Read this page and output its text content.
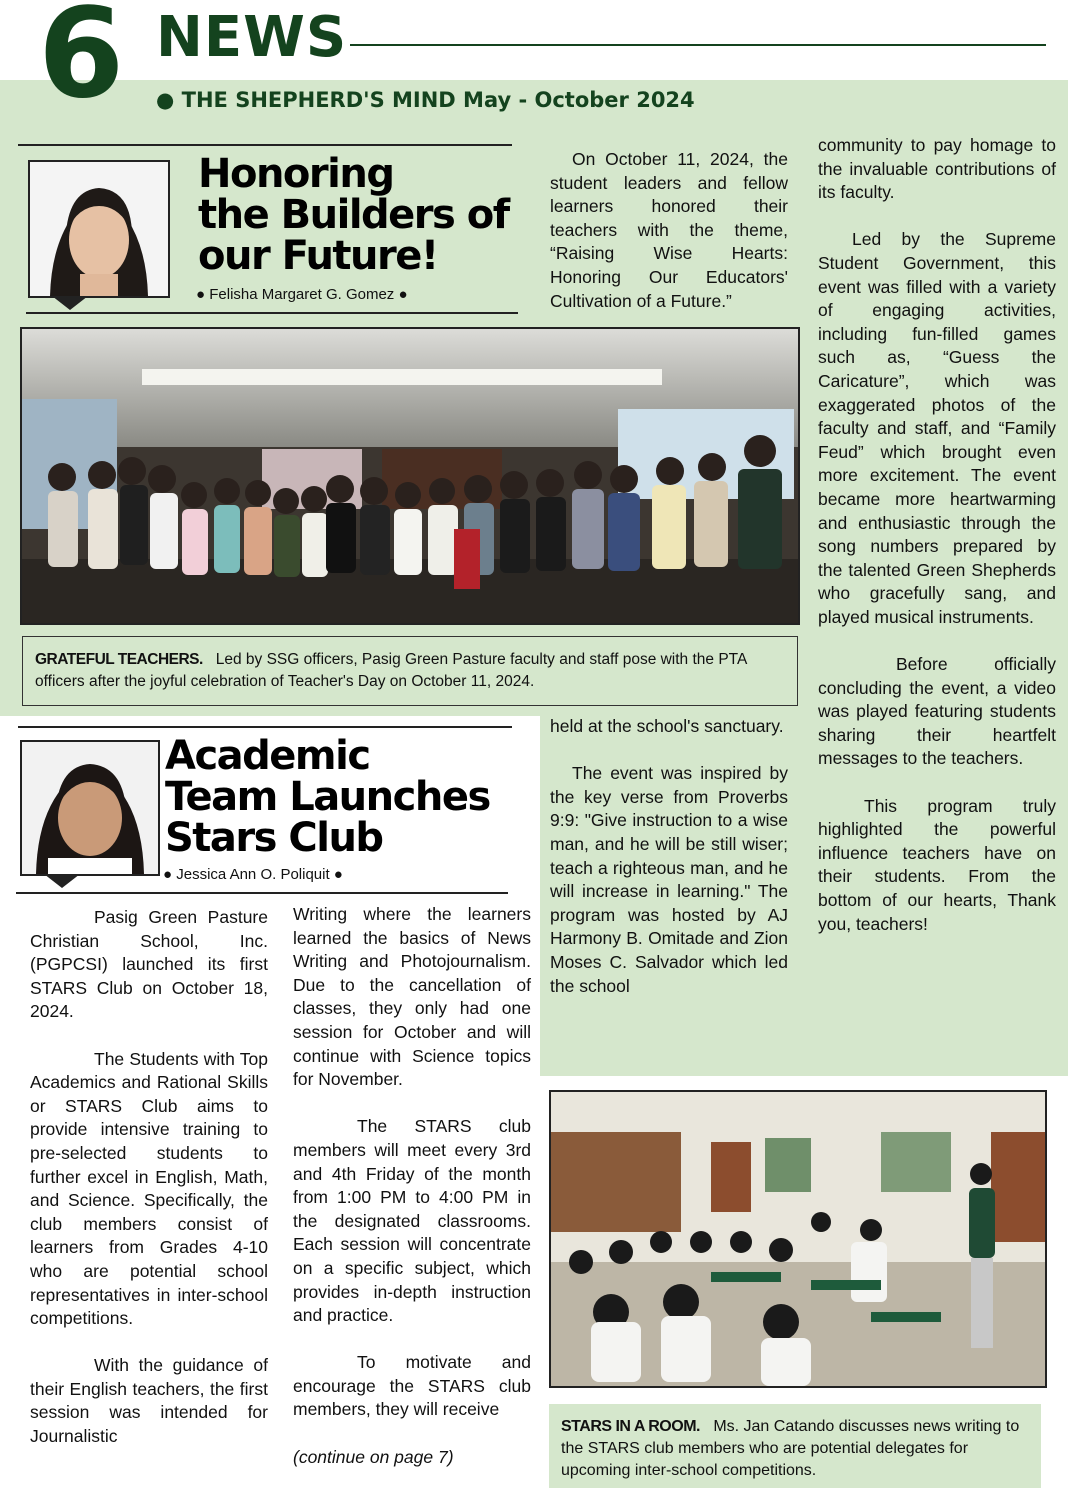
6 NEWS
● THE SHEPHERD'S MIND May - October 2024
Honoring
the Builders of
our Future!
● Felisha Margaret G. Gomez ●

On October 11, 2024, the student leaders and fellow learners honored their teachers with the theme, “Raising Wise Hearts: Honoring Our Educators' Cultivation of a Future.”

community to pay homage to the invaluable contributions of its faculty.

Led by the Supreme Student Government, this event was filled with a variety of engaging activities, including fun-filled games such as, “Guess the Caricature”, which was exaggerated photos of the faculty and staff, and “Family Feud” which brought even more excitement. The event became more heartwarming and enthusiastic through the song numbers prepared by the talented Green Shepherds who gracefully sang, and played musical instruments.

Before officially concluding the event, a video was played featuring students sharing their heartfelt messages to the teachers.

This program truly highlighted the powerful influence teachers have on their students. From the bottom of our hearts, Thank you, teachers!

GRATEFUL TEACHERS. Led by SSG officers, Pasig Green Pasture faculty and staff pose with the PTA officers after the joyful celebration of Teacher's Day on October 11, 2024.

held at the school's sanctuary.

The event was inspired by the key verse from Proverbs 9:9: "Give instruction to a wise man, and he will be still wiser; teach a righteous man, and he will increase in learning." The program was hosted by AJ Harmony B. Omitade and Zion Moses C. Salvador which led the school

Academic
Team Launches
Stars Club
● Jessica Ann O. Poliquit ●

Pasig Green Pasture Christian School, Inc. (PGPCSI) launched its first STARS Club on October 18, 2024.

The Students with Top Academics and Rational Skills or STARS Club aims to provide intensive training to pre-selected students to further excel in English, Math, and Science. Specifically, the club members consist of learners from Grades 4-10 who are potential school representatives in inter-school competitions.

With the guidance of their English teachers, the first session was intended for Journalistic

Writing where the learners learned the basics of News Writing and Photojournalism. Due to the cancellation of classes, they only had one session for October and will continue with Science topics for November.

The STARS club members will meet every 3rd and 4th Friday of the month from 1:00 PM to 4:00 PM in the designated classrooms. Each session will concentrate on a specific subject, which provides in-depth instruction and practice.

To motivate and encourage the STARS club members, they will receive

(continue on page 7)
STARS IN A ROOM. Ms. Jan Catando discusses news writing to the STARS club members who are potential delegates for upcoming inter-school competitions.
